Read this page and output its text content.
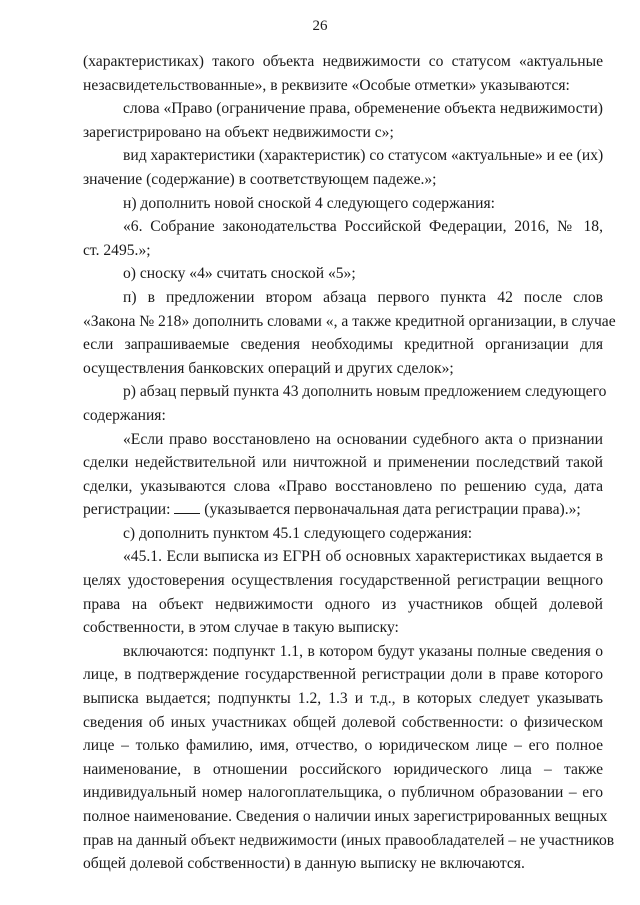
26
(характеристиках) такого объекта недвижимости со статусом «актуальные
незасвидетельствованные», в реквизите «Особые отметки» указываются:
слова «Право (ограничение права, обременение объекта недвижимости)
зарегистрировано на объект недвижимости с»;
вид характеристики (характеристик) со статусом «актуальные» и ее (их)
значение (содержание) в соответствующем падеже.»;
н) дополнить новой сноской 4 следующего содержания:
«6. Собрание законодательства Российской Федерации, 2016, № 18,
ст. 2495.»;
о) сноску «4» считать сноской «5»;
п) в предложении втором абзаца первого пункта 42 после слов
«Закона № 218» дополнить словами «, а также кредитной организации, в случае
если запрашиваемые сведения необходимы кредитной организации для
осуществления банковских операций и других сделок»;
р) абзац первый пункта 43 дополнить новым предложением следующего
содержания:
«Если право восстановлено на основании судебного акта о признании
сделки недействительной или ничтожной и применении последствий такой
сделки, указываются слова «Право восстановлено по решению суда, дата
регистрации:  (указывается первоначальная дата регистрации права).»;
с) дополнить пунктом 45.1 следующего содержания:
«45.1. Если выписка из ЕГРН об основных характеристиках выдается в
целях удостоверения осуществления государственной регистрации вещного
права на объект недвижимости одного из участников общей долевой
собственности, в этом случае в такую выписку:
включаются: подпункт 1.1, в котором будут указаны полные сведения о
лице, в подтверждение государственной регистрации доли в праве которого
выписка выдается; подпункты 1.2, 1.3 и т.д., в которых следует указывать
сведения об иных участниках общей долевой собственности: о физическом
лице – только фамилию, имя, отчество, о юридическом лице – его полное
наименование, в отношении российского юридического лица – также
индивидуальный номер налогоплательщика, о публичном образовании – его
полное наименование. Сведения о наличии иных зарегистрированных вещных
прав на данный объект недвижимости (иных правообладателей – не участников
общей долевой собственности) в данную выписку не включаются.
